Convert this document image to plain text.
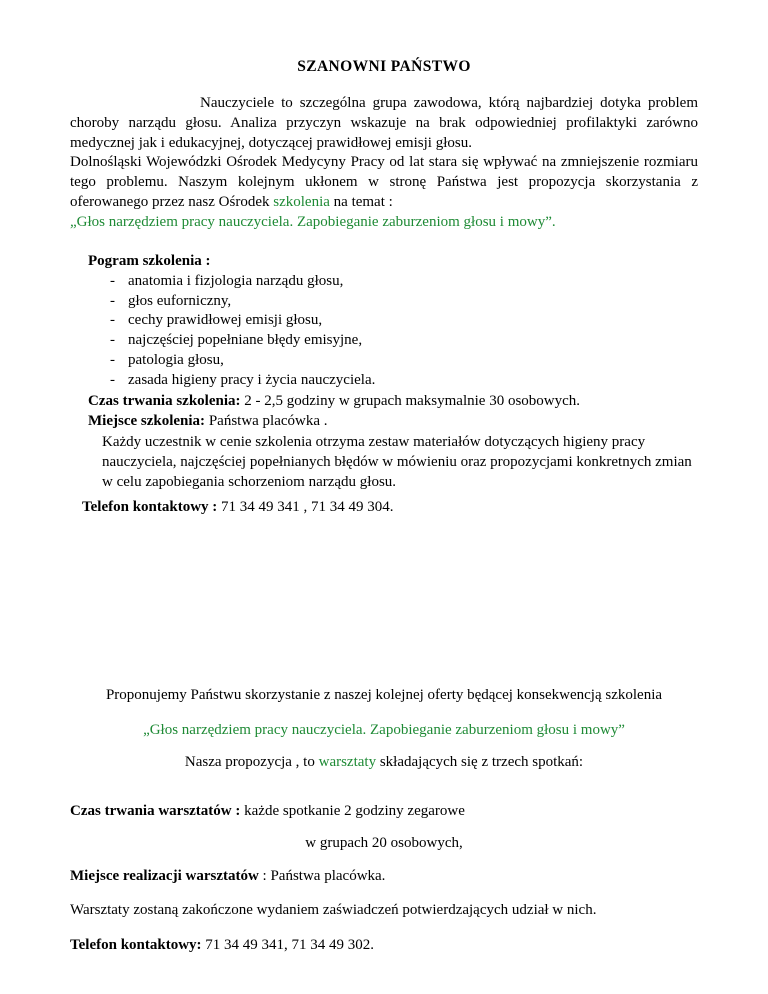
SZANOWNI PAŃSTWO

Nauczyciele to szczególna grupa zawodowa, którą najbardziej dotyka problem choroby narządu głosu. Analiza przyczyn wskazuje na brak odpowiedniej profilaktyki zarówno medycznej jak i edukacyjnej, dotyczącej prawidłowej emisji głosu.

Dolnośląski Wojewódzki Ośrodek Medycyny Pracy od lat stara się wpływać na zmniejszenie rozmiaru tego problemu. Naszym kolejnym ukłonem w stronę Państwa jest propozycja skorzystania z oferowanego przez nasz Ośrodek szkolenia na temat :

„Głos narzędziem pracy nauczyciela. Zapobieganie zaburzeniom głosu i mowy”.

Pogram szkolenia :

- anatomia i fizjologia narządu głosu,
- głos euforniczny,
- cechy prawidłowej emisji głosu,
- najczęściej popełniane błędy emisyjne,
- patologia głosu,
- zasada higieny pracy i życia nauczyciela.

Czas trwania szkolenia: 2 - 2,5 godziny w grupach maksymalnie 30 osobowych.

Miejsce szkolenia: Państwa placówka .

Każdy uczestnik w cenie szkolenia otrzyma zestaw materiałów dotyczących higieny pracy nauczyciela, najczęściej popełnianych błędów w mówieniu oraz propozycjami konkretnych zmian w celu zapobiegania schorzeniom narządu głosu.

Telefon kontaktowy : 71 34 49 341 , 71 34 49 304.

Proponujemy Państwu skorzystanie z naszej kolejnej oferty będącej konsekwencją szkolenia

„Głos narzędziem pracy nauczyciela. Zapobieganie zaburzeniom głosu i mowy”

Nasza propozycja , to warsztaty składających się z trzech spotkań:

Czas trwania warsztatów : każde spotkanie 2 godziny zegarowe

w grupach 20 osobowych,

Miejsce realizacji warsztatów : Państwa placówka.

Warsztaty zostaną zakończone wydaniem zaświadczeń potwierdzających udział w nich.

Telefon kontaktowy: 71 34 49 341, 71 34 49 302.
